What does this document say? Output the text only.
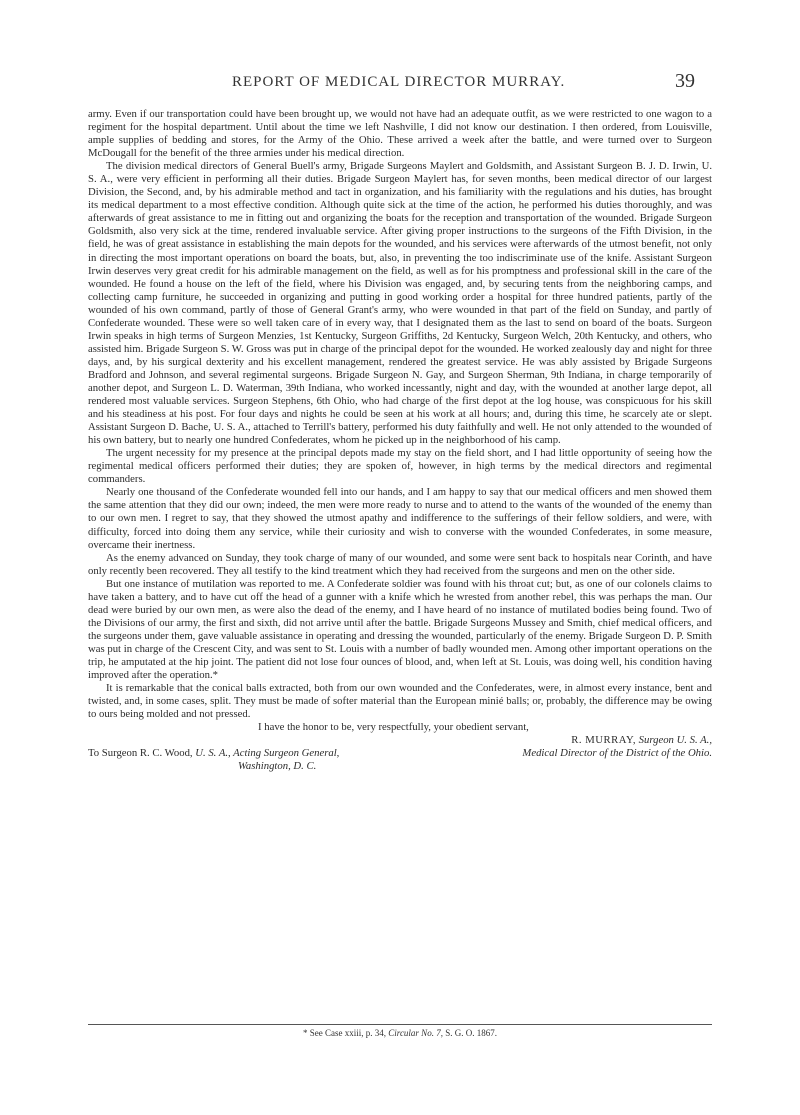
REPORT OF MEDICAL DIRECTOR MURRAY.	39

army. Even if our transportation could have been brought up, we would not have had an adequate outfit, as we were restricted to one wagon to a regiment for the hospital department. Until about the time we left Nashville, I did not know our destination. I then ordered, from Louisville, ample supplies of bedding and stores, for the Army of the Ohio. These arrived a week after the battle, and were turned over to Surgeon McDougall for the benefit of the three armies under his medical direction.

The division medical directors of General Buell's army, Brigade Surgeons Maylert and Goldsmith, and Assistant Surgeon B. J. D. Irwin, U. S. A., were very efficient in performing all their duties. Brigade Surgeon Maylert has, for seven months, been medical director of our largest Division, the Second, and, by his admirable method and tact in organization, and his familiarity with the regulations and his duties, has brought its medical department to a most effective condition. Although quite sick at the time of the action, he performed his duties thoroughly, and was afterwards of great assistance to me in fitting out and organizing the boats for the reception and transportation of the wounded. Brigade Surgeon Goldsmith, also very sick at the time, rendered invaluable service. After giving proper instructions to the surgeons of the Fifth Division, in the field, he was of great assistance in establishing the main depots for the wounded, and his services were afterwards of the utmost benefit, not only in directing the most important operations on board the boats, but, also, in preventing the too indiscriminate use of the knife. Assistant Surgeon Irwin deserves very great credit for his admirable management on the field, as well as for his promptness and professional skill in the care of the wounded. He found a house on the left of the field, where his Division was engaged, and, by securing tents from the neighboring camps, and collecting camp furniture, he succeeded in organizing and putting in good working order a hospital for three hundred patients, partly of the wounded of his own command, partly of those of General Grant's army, who were wounded in that part of the field on Sunday, and partly of Confederate wounded. These were so well taken care of in every way, that I designated them as the last to send on board of the boats. Surgeon Irwin speaks in high terms of Surgeon Menzies, 1st Kentucky, Surgeon Griffiths, 2d Kentucky, Surgeon Welch, 20th Kentucky, and others, who assisted him. Brigade Surgeon S. W. Gross was put in charge of the principal depot for the wounded. He worked zealously day and night for three days, and, by his surgical dexterity and his excellent management, rendered the greatest service. He was ably assisted by Brigade Surgeons Bradford and Johnson, and several regimental surgeons. Brigade Surgeon N. Gay, and Surgeon Sherman, 9th Indiana, in charge temporarily of another depot, and Surgeon L. D. Waterman, 39th Indiana, who worked incessantly, night and day, with the wounded at another large depot, all rendered most valuable services. Surgeon Stephens, 6th Ohio, who had charge of the first depot at the log house, was conspicuous for his skill and his steadiness at his post. For four days and nights he could be seen at his work at all hours; and, during this time, he scarcely ate or slept. Assistant Surgeon D. Bache, U. S. A., attached to Terrill's battery, performed his duty faithfully and well. He not only attended to the wounded of his own battery, but to nearly one hundred Confederates, whom he picked up in the neighborhood of his camp.

The urgent necessity for my presence at the principal depots made my stay on the field short, and I had little opportunity of seeing how the regimental medical officers performed their duties; they are spoken of, however, in high terms by the medical directors and regimental commanders.

Nearly one thousand of the Confederate wounded fell into our hands, and I am happy to say that our medical officers and men showed them the same attention that they did our own; indeed, the men were more ready to nurse and to attend to the wants of the wounded of the enemy than to our own men. I regret to say, that they showed the utmost apathy and indifference to the sufferings of their fellow soldiers, and were, with difficulty, forced into doing them any service, while their curiosity and wish to converse with the wounded Confederates, in some measure, overcame their inertness.

As the enemy advanced on Sunday, they took charge of many of our wounded, and some were sent back to hospitals near Corinth, and have only recently been recovered. They all testify to the kind treatment which they had received from the surgeons and men on the other side.

But one instance of mutilation was reported to me. A Confederate soldier was found with his throat cut; but, as one of our colonels claims to have taken a battery, and to have cut off the head of a gunner with a knife which he wrested from another rebel, this was perhaps the man. Our dead were buried by our own men, as were also the dead of the enemy, and I have heard of no instance of mutilated bodies being found. Two of the Divisions of our army, the first and sixth, did not arrive until after the battle. Brigade Surgeons Mussey and Smith, chief medical officers, and the surgeons under them, gave valuable assistance in operating and dressing the wounded, particularly of the enemy. Brigade Surgeon D. P. Smith was put in charge of the Crescent City, and was sent to St. Louis with a number of badly wounded men. Among other important operations on the trip, he amputated at the hip joint. The patient did not lose four ounces of blood, and, when left at St. Louis, was doing well, his condition having improved after the operation.*

It is remarkable that the conical balls extracted, both from our own wounded and the Confederates, were, in almost every instance, bent and twisted, and, in some cases, split. They must be made of softer material than the European minié balls; or, probably, the difference may be owing to ours being molded and not pressed.

I have the honor to be, very respectfully, your obedient servant,

R. MURRAY, Surgeon U. S. A.,
Medical Director of the District of the Ohio.
To Surgeon R. C. Wood, U. S. A., Acting Surgeon General,
Washington, D. C.
* See Case xxiii, p. 34, Circular No. 7, S. G. O. 1867.
